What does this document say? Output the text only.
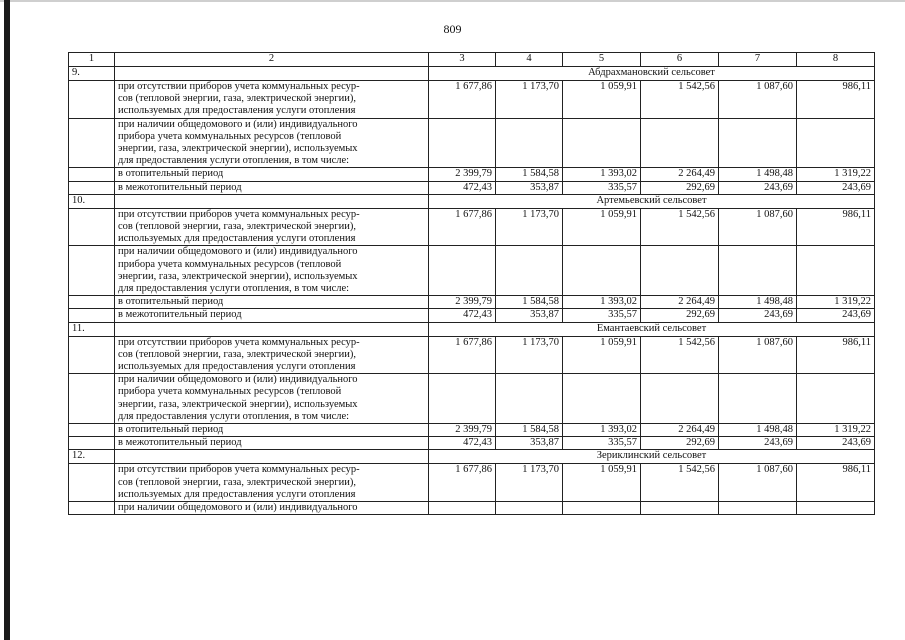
809
1	2	3	4	5	6	7	8
9.		Абдрахмановский сельсовет					

	при отсутствии приборов учета коммунальных ресур-
сов (тепловой энергии, газа, электрической энергии),
используемых для предоставления услуги отопления	1 677,86	1 173,70	1 059,91	1 542,56	1 087,60	986,11

	при наличии общедомового и (или) индивидуального
прибора учета коммунальных ресурсов (тепловой
энергии, газа, электрической энергии), используемых
для предоставления услуги отопления, в том числе:						

	в отопительный период	2 399,79	1 584,58	1 393,02	2 264,49	1 498,48	1 319,22

	в межотопительный период	472,43	353,87	335,57	292,69	243,69	243,69
10.		Артемьевский сельсовет					

	при отсутствии приборов учета коммунальных ресур-
сов (тепловой энергии, газа, электрической энергии),
используемых для предоставления услуги отопления	1 677,86	1 173,70	1 059,91	1 542,56	1 087,60	986,11

	при наличии общедомового и (или) индивидуального
прибора учета коммунальных ресурсов (тепловой
энергии, газа, электрической энергии), используемых
для предоставления услуги отопления, в том числе:						

	в отопительный период	2 399,79	1 584,58	1 393,02	2 264,49	1 498,48	1 319,22

	в межотопительный период	472,43	353,87	335,57	292,69	243,69	243,69
11.		Емантаевский сельсовет					

	при отсутствии приборов учета коммунальных ресур-
сов (тепловой энергии, газа, электрической энергии),
используемых для предоставления услуги отопления	1 677,86	1 173,70	1 059,91	1 542,56	1 087,60	986,11

	при наличии общедомового и (или) индивидуального
прибора учета коммунальных ресурсов (тепловой
энергии, газа, электрической энергии), используемых
для предоставления услуги отопления, в том числе:						

	в отопительный период	2 399,79	1 584,58	1 393,02	2 264,49	1 498,48	1 319,22

	в межотопительный период	472,43	353,87	335,57	292,69	243,69	243,69
12.		Зериклинский сельсовет					

	при отсутствии приборов учета коммунальных ресур-
сов (тепловой энергии, газа, электрической энергии),
используемых для предоставления услуги отопления	1 677,86	1 173,70	1 059,91	1 542,56	1 087,60	986,11

	при наличии общедомового и (или) индивидуального						
